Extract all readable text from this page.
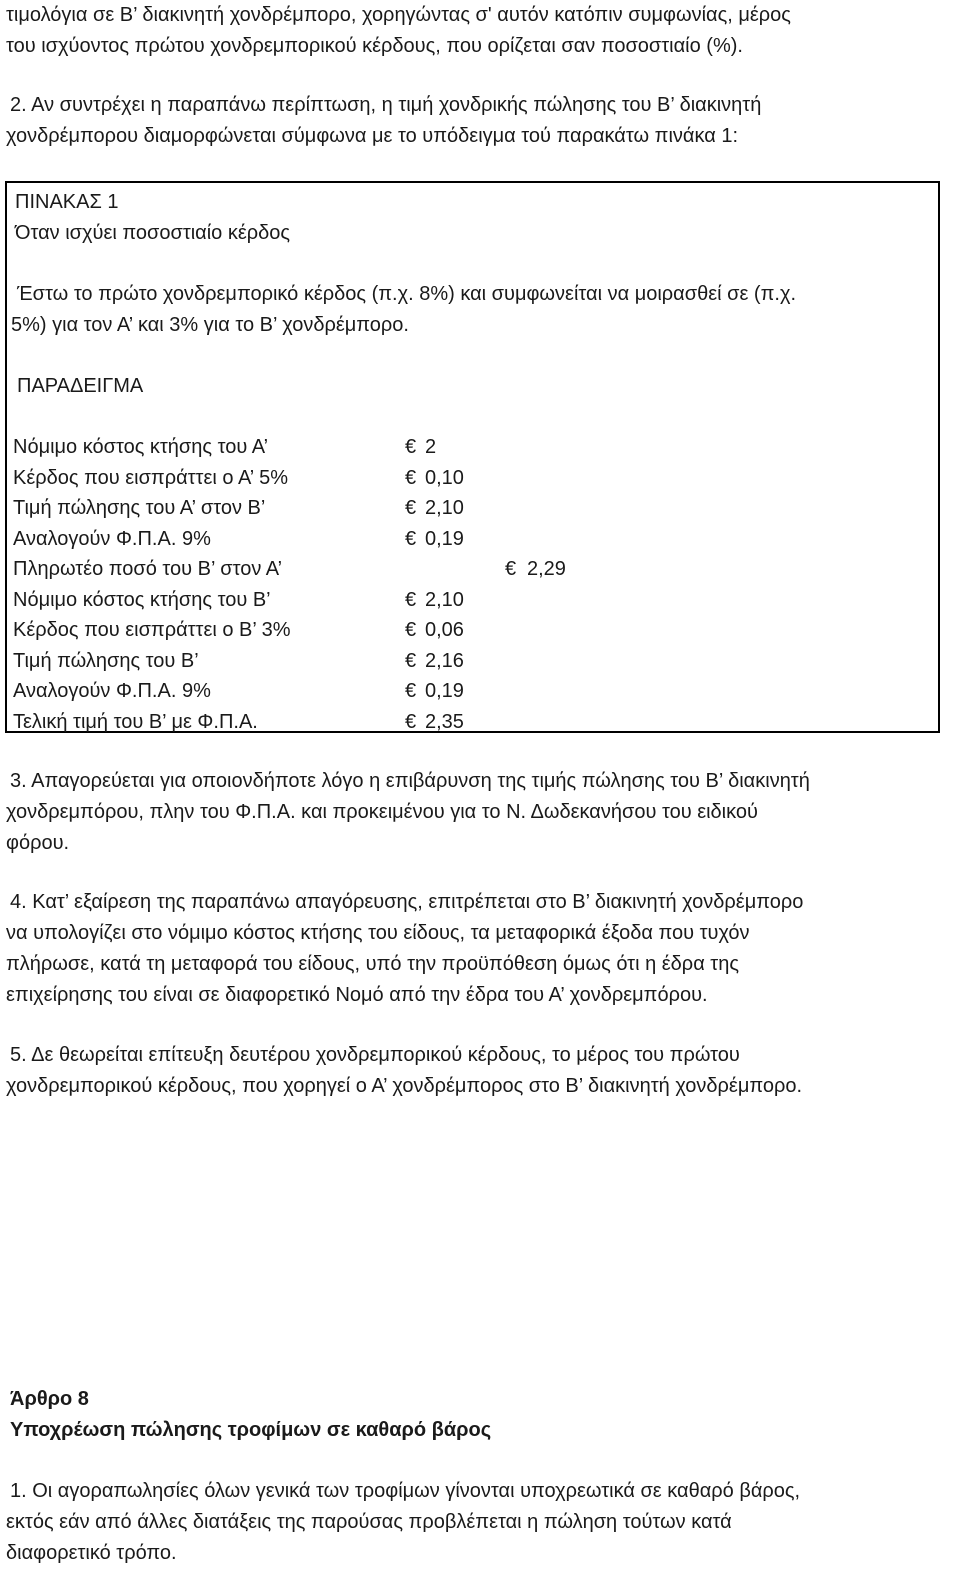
τιμολόγια σε Β’ διακινητή χονδρέμπορο, χορηγώντας σ' αυτόν κατόπιν συμφωνίας, μέρος
του ισχύοντος πρώτου χονδρεμπορικού κέρδους, που ορίζεται σαν ποσοστιαίο (%).
2. Αν συντρέχει η παραπάνω περίπτωση, η τιμή χονδρικής πώλησης του Β’ διακινητή
χονδρέμπορου διαμορφώνεται σύμφωνα με το υπόδειγμα τού παρακάτω πινάκα 1:
ΠΙΝΑΚΑΣ 1
Όταν ισχύει ποσοστιαίο κέρδος
Έστω το πρώτο χονδρεμπορικό κέρδος (π.χ. 8%) και συμφωνείται να μοιρασθεί σε (π.χ.
5%) για τον Α’ και 3% για το Β’ χονδρέμπορο.
ΠΑΡΑΔΕΙΓΜΑ
Νόμιμο κόστος κτήσης του Α’	€ 2
Κέρδος που εισπράττει ο Α’ 5%	€ 0,10
Τιμή πώλησης του Α’ στον Β’	€ 2,10
Αναλογούν Φ.Π.Α. 9%	€ 0,19
Πληρωτέο ποσό του Β’ στον Α’	€ 2,29
Νόμιμο κόστος κτήσης του Β’	€ 2,10
Κέρδος που εισπράττει ο Β’ 3%	€ 0,06
Τιμή πώλησης του Β’	€ 2,16
Αναλογούν Φ.Π.Α. 9%	€ 0,19
Τελική τιμή του Β’ με Φ.Π.Α.	€ 2,35
3. Απαγορεύεται για οποιονδήποτε λόγο η επιβάρυνση της τιμής πώλησης του Β’ διακινητή
χονδρεμπόρου, πλην του Φ.Π.Α. και προκειμένου για το Ν. Δωδεκανήσου του ειδικού
φόρου.
4. Κατ’ εξαίρεση της παραπάνω απαγόρευσης, επιτρέπεται στο Β’ διακινητή χονδρέμπορο
να υπολογίζει στο νόμιμο κόστος κτήσης του είδους, τα μεταφορικά έξοδα που τυχόν
πλήρωσε, κατά τη μεταφορά του είδους, υπό την προϋπόθεση όμως ότι η έδρα της
επιχείρησης του είναι σε διαφορετικό Νομό από την έδρα του Α’ χονδρεμπόρου.
5. Δε θεωρείται επίτευξη δευτέρου χονδρεμπορικού κέρδους, το μέρος του πρώτου
χονδρεμπορικού κέρδους, που χορηγεί ο Α’ χονδρέμπορος στο Β’ διακινητή χονδρέμπορο.
Άρθρο 8
Υποχρέωση πώλησης τροφίμων σε καθαρό βάρος
1. Οι αγοραπωλησίες όλων γενικά των τροφίμων γίνονται υποχρεωτικά σε καθαρό βάρος,
εκτός εάν από άλλες διατάξεις της παρούσας προβλέπεται η πώληση τούτων κατά
διαφορετικό τρόπο.
